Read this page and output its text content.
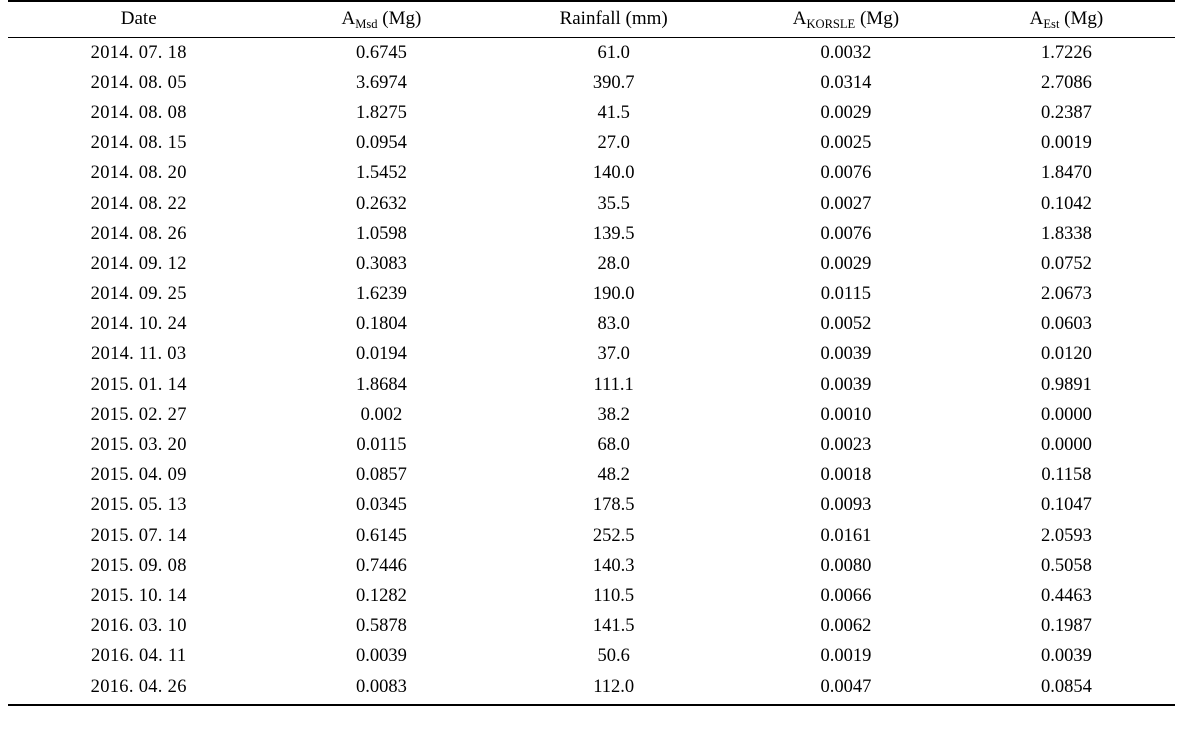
Date	$A_{Msd}$ (Mg)	Rainfall (mm)	$A_{KORSLE}$ (Mg)	$A_{Est}$ (Mg)
2014. 07. 18	0.6745	61.0	0.0032	1.7226
2014. 08. 05	3.6974	390.7	0.0314	2.7086
2014. 08. 08	1.8275	41.5	0.0029	0.2387
2014. 08. 15	0.0954	27.0	0.0025	0.0019
2014. 08. 20	1.5452	140.0	0.0076	1.8470
2014. 08. 22	0.2632	35.5	0.0027	0.1042
2014. 08. 26	1.0598	139.5	0.0076	1.8338
2014. 09. 12	0.3083	28.0	0.0029	0.0752
2014. 09. 25	1.6239	190.0	0.0115	2.0673
2014. 10. 24	0.1804	83.0	0.0052	0.0603
2014. 11. 03	0.0194	37.0	0.0039	0.0120
2015. 01. 14	1.8684	111.1	0.0039	0.9891
2015. 02. 27	0.002	38.2	0.0010	0.0000
2015. 03. 20	0.0115	68.0	0.0023	0.0000
2015. 04. 09	0.0857	48.2	0.0018	0.1158
2015. 05. 13	0.0345	178.5	0.0093	0.1047
2015. 07. 14	0.6145	252.5	0.0161	2.0593
2015. 09. 08	0.7446	140.3	0.0080	0.5058
2015. 10. 14	0.1282	110.5	0.0066	0.4463
2016. 03. 10	0.5878	141.5	0.0062	0.1987
2016. 04. 11	0.0039	50.6	0.0019	0.0039
2016. 04. 26	0.0083	112.0	0.0047	0.0854
